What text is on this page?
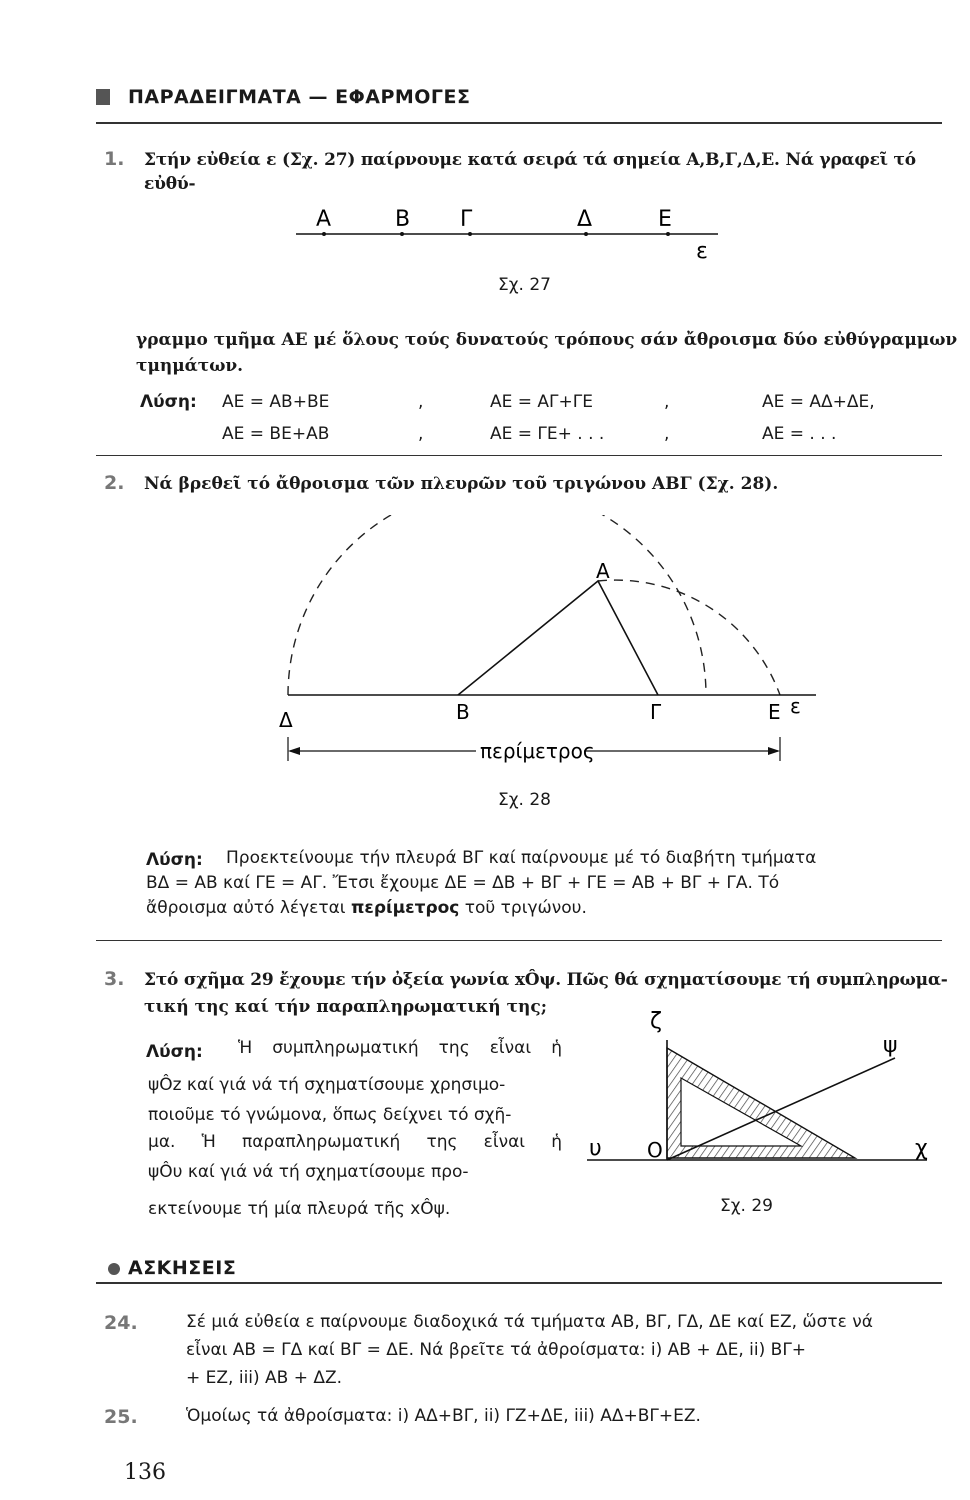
ΠΑΡΑΔΕΙΓΜΑΤΑ — ΕΦΑΡΜΟΓΕΣ
1. Στήν εὐθεία ε (Σχ. 27) παίρνουμε κατά σειρά τά σημεία Α,Β,Γ,Δ,Ε. Νά γραφεῖ τό εὐθύ-
Α	Β Γ	Δ	Ε
ε
Σχ. 27
γραμμο τμῆμα ΑΕ μέ ὅλους τούς δυνατούς τρόπους σάν ἄθροισμα δύο εὐθύγραμμων
τμημάτων.
Λύση: ΑΕ = ΑΒ+ΒΕ	,	ΑΕ = ΑΓ+ΓΕ	,	ΑΕ = ΑΔ+ΔΕ,
ΑΕ = ΒΕ+ΑΒ	,	ΑΕ = ΓΕ+ . . .	,	ΑΕ = . . .
2. Νά βρεθεῖ τό ἄθροισμα τῶν πλευρῶν τοῦ τριγώνου ΑΒΓ (Σχ. 28).
Α
Β	Γ
Δ	Ε ε
περίμετρος
Σχ. 28
Λύση: Προεκτείνουμε τήν πλευρά ΒΓ καί παίρνουμε μέ τό διαβήτη τμήματα
ΒΔ = ΑΒ καί ΓΕ = ΑΓ. Ἔτσι ἔχουμε ΔΕ = ΔΒ + ΒΓ + ΓΕ = ΑΒ + ΒΓ + ΓΑ. Τό
ἄθροισμα αὐτό λέγεται περίμετρος τοῦ τριγώνου.
3. Στό σχῆμα 29 ἔχουμε τήν ὀξεία γωνία xÔψ. Πῶς θά σχηματίσουμε τή συμπληρωμα-
τική της καί τήν παραπληρωματική της;
Λύση: Ἡ συμπληρωματική της εἶναι ἡ
ψÔz καί γιά νά τή σχηματίσουμε χρησιμο-
ποιοῦμε τό γνώμονα, ὅπως δείχνει τό σχῆ-
μα. Ἡ παραπληρωματική της εἶναι ἡ
ψÔυ καί γιά νά τή σχηματίσουμε προ-
εκτείνουμε τή μία πλευρά τῆς xÔψ.
ζ
ψ
υ Ο	χ
Σχ. 29
ΑΣΚΗΣΕΙΣ
24.	Σέ μιά εὐθεία ε παίρνουμε διαδοχικά τά τμήματα ΑΒ, ΒΓ, ΓΔ, ΔΕ καί ΕΖ, ὥστε νά
εἶναι ΑΒ = ΓΔ καί ΒΓ = ΔΕ. Νά βρεῖτε τά ἀθροίσματα: i) ΑΒ + ΔΕ, ii) ΒΓ+
+ ΕΖ, iii) ΑΒ + ΔΖ.
25.	Ὁμοίως τά ἀθροίσματα: i) ΑΔ+ΒΓ, ii) ΓΖ+ΔΕ, iii) ΑΔ+ΒΓ+ΕΖ.
136
